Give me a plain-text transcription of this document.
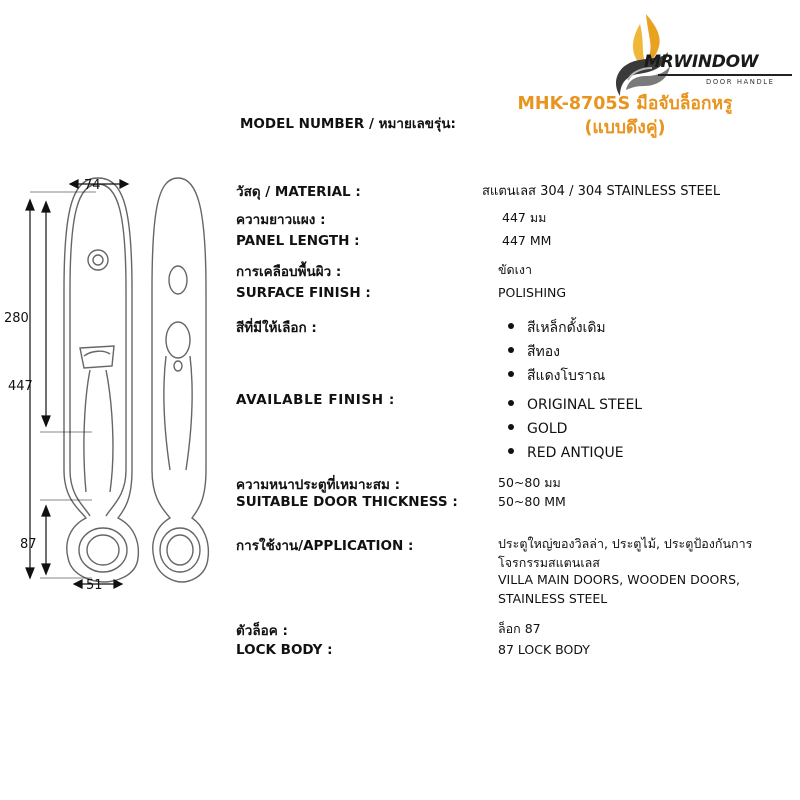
MRWINDOW
DOOR HANDLE
MODEL NUMBER / หมายเลขรุ่น:
MHK-8705S มือจับล็อกหรู
(แบบดึงคู่)
74
280
447
87
51
วัสดุ / MATERIAL :	สแตนเลส 304 / 304 STAINLESS STEEL
ความยาวแผง :	447 มม
PANEL LENGTH :	447 MM
การเคลือบพื้นผิว :	ขัดเงา
SURFACE FINISH :	POLISHING
สีที่มีให้เลือก :	สีเหล็กดั้งเดิม
สีทอง
สีแดงโบราณ
AVAILABLE FINISH :	ORIGINAL STEEL
GOLD
RED ANTIQUE
ความหนาประตูที่เหมาะสม :	50~80 มม
SUITABLE DOOR THICKNESS :	50~80 MM
การใช้งาน/APPLICATION :	ประตูใหญ่ของวิลล่า, ประตูไม้, ประตูป้องกันการ
โจรกรรมสแตนเลส
VILLA MAIN DOORS, WOODEN DOORS,
STAINLESS STEEL
ตัวล็อค :	ล็อก 87
LOCK BODY :	87 LOCK BODY
